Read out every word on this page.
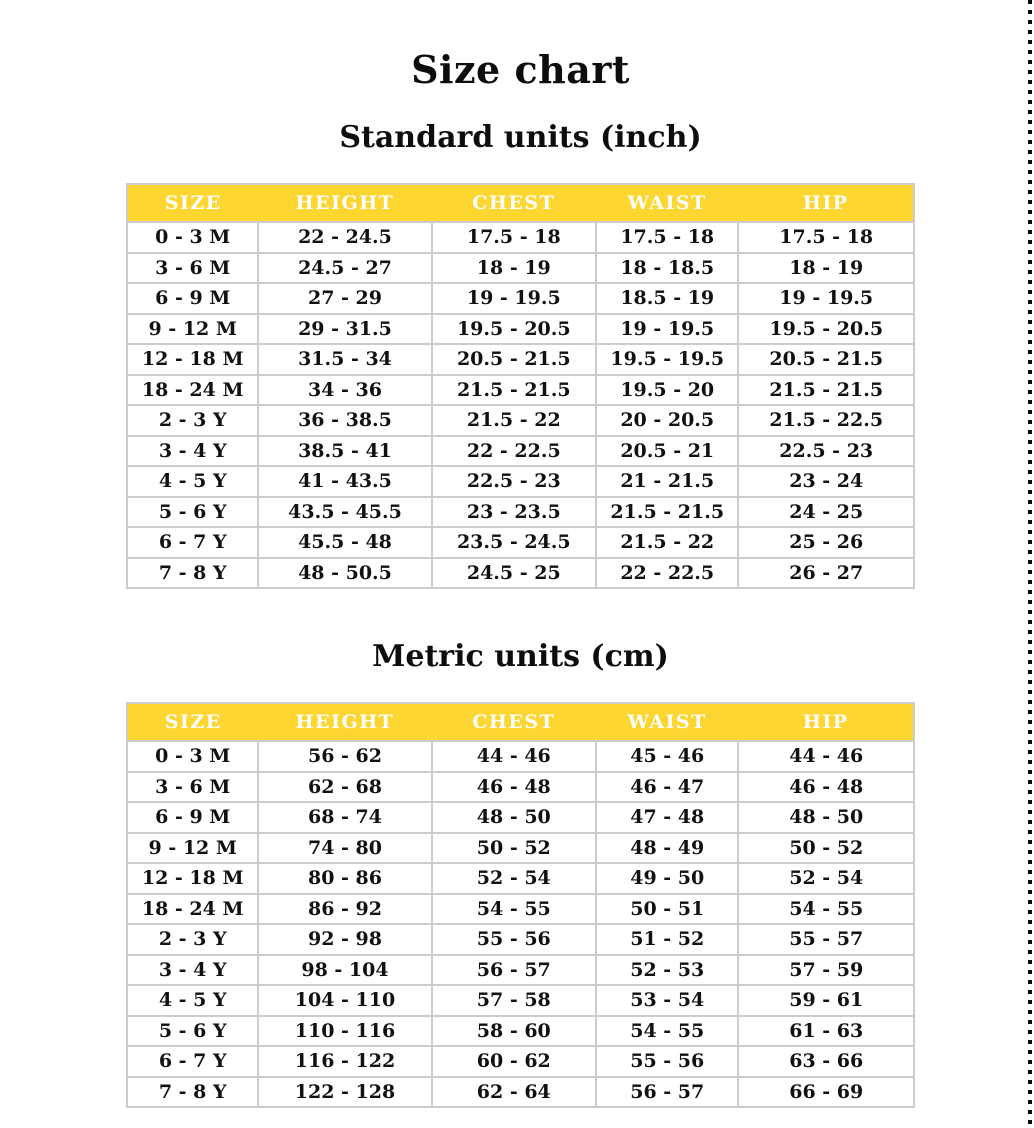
Size chart
Standard units (inch)
SIZE	HEIGHT	CHEST	WAIST	HIP
0 - 3 M	22 - 24.5	17.5 - 18	17.5 - 18	17.5 - 18
3 - 6 M	24.5 - 27	18 - 19	18 - 18.5	18 - 19
6 - 9 M	27 - 29	19 - 19.5	18.5 - 19	19 - 19.5
9 - 12 M	29 - 31.5	19.5 - 20.5	19 - 19.5	19.5 - 20.5
12 - 18 M	31.5 - 34	20.5 - 21.5	19.5 - 19.5	20.5 - 21.5
18 - 24 M	34 - 36	21.5 - 21.5	19.5 - 20	21.5 - 21.5
2 - 3 Y	36 - 38.5	21.5 - 22	20 - 20.5	21.5 - 22.5
3 - 4 Y	38.5 - 41	22 - 22.5	20.5 - 21	22.5 - 23
4 - 5 Y	41 - 43.5	22.5 - 23	21 - 21.5	23 - 24
5 - 6 Y	43.5 - 45.5	23 - 23.5	21.5 - 21.5	24 - 25
6 - 7 Y	45.5 - 48	23.5 - 24.5	21.5 - 22	25 - 26
7 - 8 Y	48 - 50.5	24.5 - 25	22 - 22.5	26 - 27
Metric units (cm)
SIZE	HEIGHT	CHEST	WAIST	HIP
0 - 3 M	56 - 62	44 - 46	45 - 46	44 - 46
3 - 6 M	62 - 68	46 - 48	46 - 47	46 - 48
6 - 9 M	68 - 74	48 - 50	47 - 48	48 - 50
9 - 12 M	74 - 80	50 - 52	48 - 49	50 - 52
12 - 18 M	80 - 86	52 - 54	49 - 50	52 - 54
18 - 24 M	86 - 92	54 - 55	50 - 51	54 - 55
2 - 3 Y	92 - 98	55 - 56	51 - 52	55 - 57
3 - 4 Y	98 - 104	56 - 57	52 - 53	57 - 59
4 - 5 Y	104 - 110	57 - 58	53 - 54	59 - 61
5 - 6 Y	110 - 116	58 - 60	54 - 55	61 - 63
6 - 7 Y	116 - 122	60 - 62	55 - 56	63 - 66
7 - 8 Y	122 - 128	62 - 64	56 - 57	66 - 69
